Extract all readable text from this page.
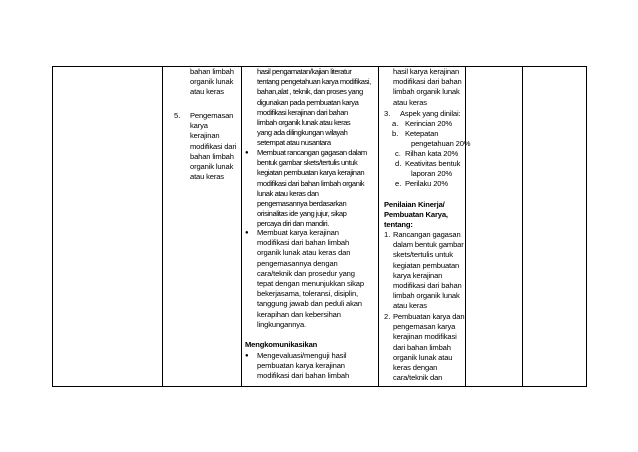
bahan limbah
organik lunak
atau keras
5. Pengemasan
karya
kerajinan
modifikasi dari
bahan limbah
organik lunak
atau keras
hasil pengamatan/kajian literatur
tentang pengetahuan karya modifikasi,
bahan,alat , teknik, dan proses yang
digunakan pada pembuatan karya
modifikasi kerajinan dari bahan
limbah organik lunak atau keras
yang ada dilingkungan wilayah
setempat atau nusantara
● Membuat rancangan gagasan dalam
bentuk gambar skets/tertulis untuk
kegiatan pembuatan karya kerajinan
modifikasi dari bahan limbah organik
lunak atau keras dan
pengemasannya berdasarkan
orisinalitas ide yang jujur, sikap
percaya diri dan mandiri.
● Membuat karya kerajinan
modifikasi dari bahan limbah
organik lunak atau keras dan
pengemasannya dengan
cara/teknik dan prosedur yang
tepat dengan menunjukkan sikap
bekerjasama, toleransi, disiplin,
tanggung jawab dan peduli akan
kerapihan dan kebersihan
lingkungannya.
Mengkomunikasikan
● Mengevaluasi/menguji hasil
pembuatan karya kerajinan
modifikasi dari bahan limbah
hasil karya kerajinan
modifikasi dari bahan
limbah organik lunak
atau keras
3. Aspek yang dinilai:
a. Kerincian 20%
b. Ketepatan
pengetahuan 20%
c. Rilhan kata 20%
d. Keativitas bentuk
laporan 20%
e. Perilaku 20%
Penilaian Kinerja/
Pembuatan Karya,
tentang:
1. Rancangan gagasan
dalam bentuk gambar
skets/tertulis untuk
kegiatan pembuatan
karya kerajinan
modifikasi dari bahan
limbah organik lunak
atau keras
2. Pembuatan karya dan
pengemasan karya
kerajinan modifikasi
dari bahan limbah
organik lunak atau
keras dengan
cara/teknik dan
